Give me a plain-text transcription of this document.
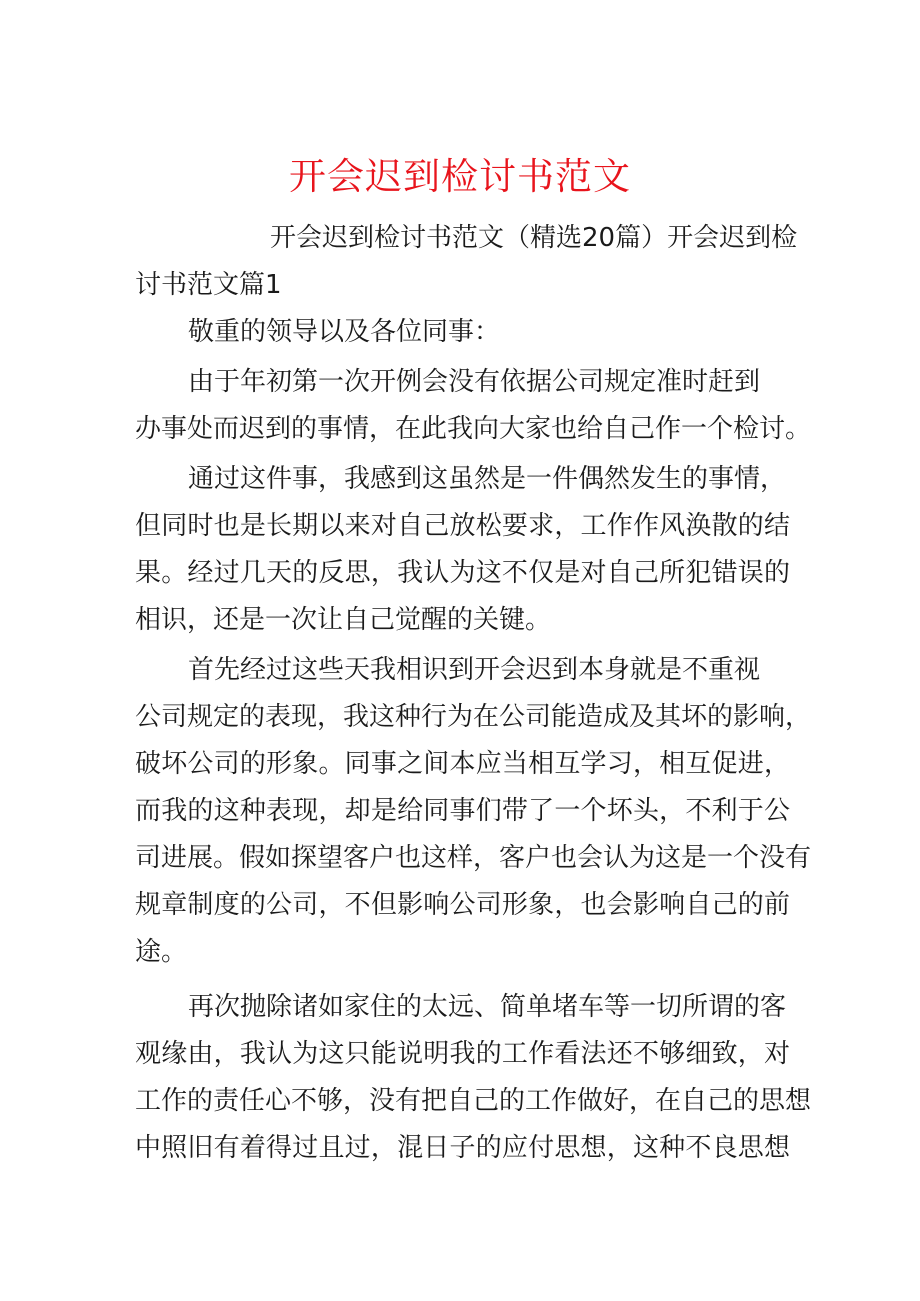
开会迟到检讨书范文
开会迟到检讨书范文（精选20篇）开会迟到检
讨书范文篇1
敬重的领导以及各位同事：
由于年初第一次开例会没有依据公司规定准时赶到
办事处而迟到的事情，在此我向大家也给自己作一个检讨。
通过这件事，我感到这虽然是一件偶然发生的事情，
但同时也是长期以来对自己放松要求，工作作风涣散的结
果。经过几天的反思，我认为这不仅是对自己所犯错误的
相识，还是一次让自己觉醒的关键。
首先经过这些天我相识到开会迟到本身就是不重视
公司规定的表现，我这种行为在公司能造成及其坏的影响，
破坏公司的形象。同事之间本应当相互学习，相互促进，
而我的这种表现，却是给同事们带了一个坏头，不利于公
司进展。假如探望客户也这样，客户也会认为这是一个没有
规章制度的公司，不但影响公司形象，也会影响自己的前
途。
再次抛除诸如家住的太远、简单堵车等一切所谓的客
观缘由，我认为这只能说明我的工作看法还不够细致，对
工作的责任心不够，没有把自己的工作做好，在自己的思想
中照旧有着得过且过，混日子的应付思想，这种不良思想
